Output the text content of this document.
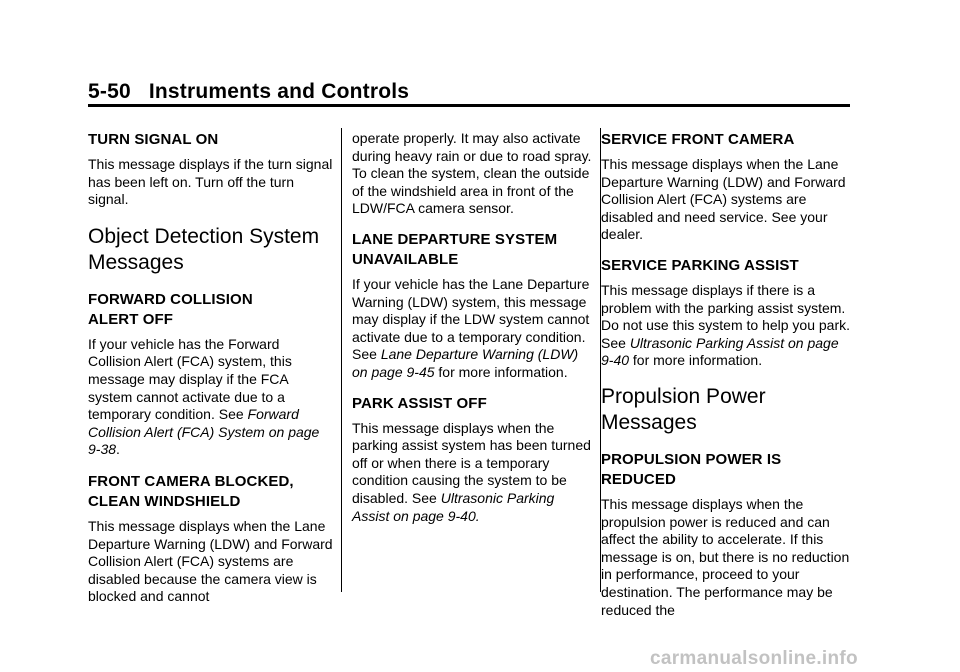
5-50 Instruments and Controls
TURN SIGNAL ON

This message displays if the turn signal has been left on. Turn off the turn signal.

Object Detection System
Messages
FORWARD COLLISION
ALERT OFF

If your vehicle has the Forward Collision Alert (FCA) system, this message may display if the FCA system cannot activate due to a temporary condition. See Forward Collision Alert (FCA) System on page 9-38.

FRONT CAMERA BLOCKED,
CLEAN WINDSHIELD

This message displays when the Lane Departure Warning (LDW) and Forward Collision Alert (FCA) systems are disabled because the camera view is blocked and cannot

operate properly. It may also activate during heavy rain or due to road spray. To clean the system, clean the outside of the windshield area in front of the LDW/FCA camera sensor.

LANE DEPARTURE SYSTEM
UNAVAILABLE

If your vehicle has the Lane Departure Warning (LDW) system, this message may display if the LDW system cannot activate due to a temporary condition. See Lane Departure Warning (LDW) on page 9-45 for more information.

PARK ASSIST OFF

This message displays when the parking assist system has been turned off or when there is a temporary condition causing the system to be disabled. See Ultrasonic Parking Assist on page 9-40.

SERVICE FRONT CAMERA

This message displays when the Lane Departure Warning (LDW) and Forward Collision Alert (FCA) systems are disabled and need service. See your dealer.

SERVICE PARKING ASSIST

This message displays if there is a problem with the parking assist system. Do not use this system to help you park. See Ultrasonic Parking Assist on page 9-40 for more information.

Propulsion Power
Messages
PROPULSION POWER IS
REDUCED

This message displays when the propulsion power is reduced and can affect the ability to accelerate. If this message is on, but there is no reduction in performance, proceed to your destination. The performance may be reduced the

carmanualsonline.info
